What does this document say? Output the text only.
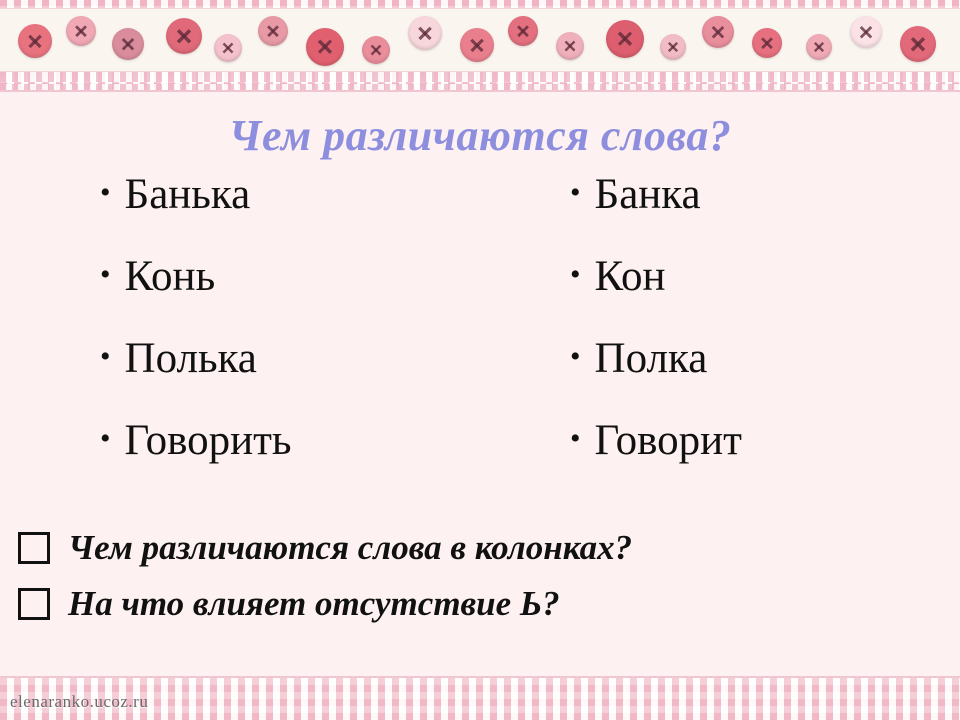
Чем различаются слова?
• Банька
• Конь
• Полька
• Говорить
• Банка
• Кон
• Полка
• Говорит
Чем различаются слова в колонках?
На что влияет отсутствие Ь?
elenaranko.ucoz.ru
